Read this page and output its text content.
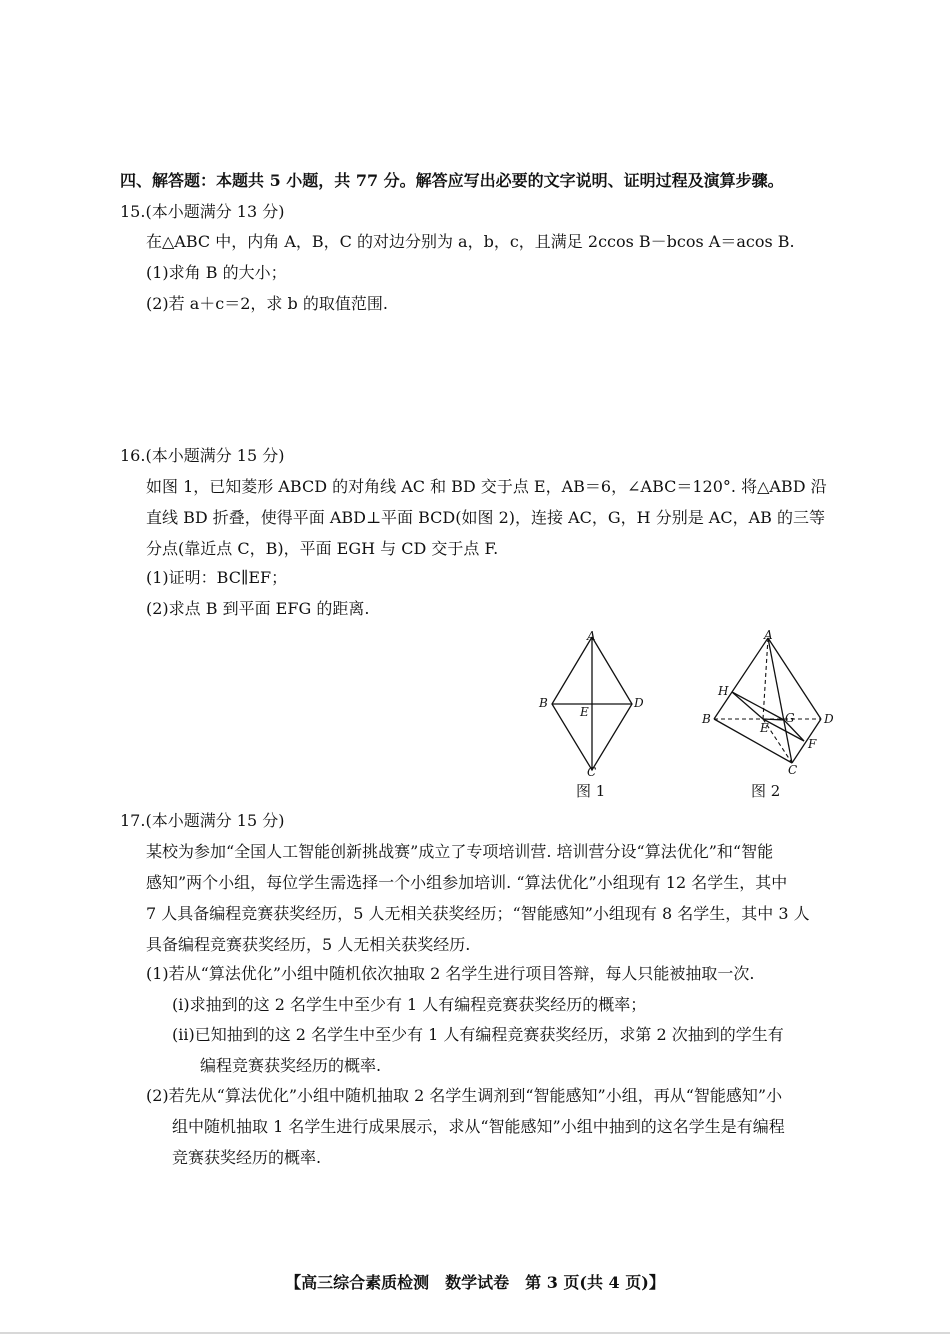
四、解答题：本题共 5 小题，共 77 分。解答应写出必要的文字说明、证明过程及演算步骤。
15.(本小题满分 13 分)
在△ABC 中，内角 A，B，C 的对边分别为 a，b，c，且满足 2ccos B－bcos A＝acos B.
(1)求角 B 的大小；
(2)若 a＋c＝2，求 b 的取值范围.
16.(本小题满分 15 分)
如图 1，已知菱形 ABCD 的对角线 AC 和 BD 交于点 E，AB＝6，∠ABC＝120°. 将△ABD 沿
直线 BD 折叠，使得平面 ABD⊥平面 BCD(如图 2)，连接 AC，G，H 分别是 AC，AB 的三等
分点(靠近点 C，B)，平面 EGH 与 CD 交于点 F.
(1)证明：BC∥EF；
(2)求点 B 到平面 EFG 的距离.
A
B	D
E
C
图 1
A
H
B	G D
E
F
C
图 2
17.(本小题满分 15 分)
某校为参加“全国人工智能创新挑战赛”成立了专项培训营. 培训营分设“算法优化”和“智能
感知”两个小组，每位学生需选择一个小组参加培训. “算法优化”小组现有 12 名学生，其中
7 人具备编程竞赛获奖经历，5 人无相关获奖经历；“智能感知”小组现有 8 名学生，其中 3 人
具备编程竞赛获奖经历，5 人无相关获奖经历.
(1)若从“算法优化”小组中随机依次抽取 2 名学生进行项目答辩，每人只能被抽取一次.
(i)求抽到的这 2 名学生中至少有 1 人有编程竞赛获奖经历的概率；
(ii)已知抽到的这 2 名学生中至少有 1 人有编程竞赛获奖经历，求第 2 次抽到的学生有
编程竞赛获奖经历的概率.
(2)若先从“算法优化”小组中随机抽取 2 名学生调剂到“智能感知”小组，再从“智能感知”小
组中随机抽取 1 名学生进行成果展示，求从“智能感知”小组中抽到的这名学生是有编程
竞赛获奖经历的概率.
【高三综合素质检测　数学试卷　第 3 页(共 4 页)】
